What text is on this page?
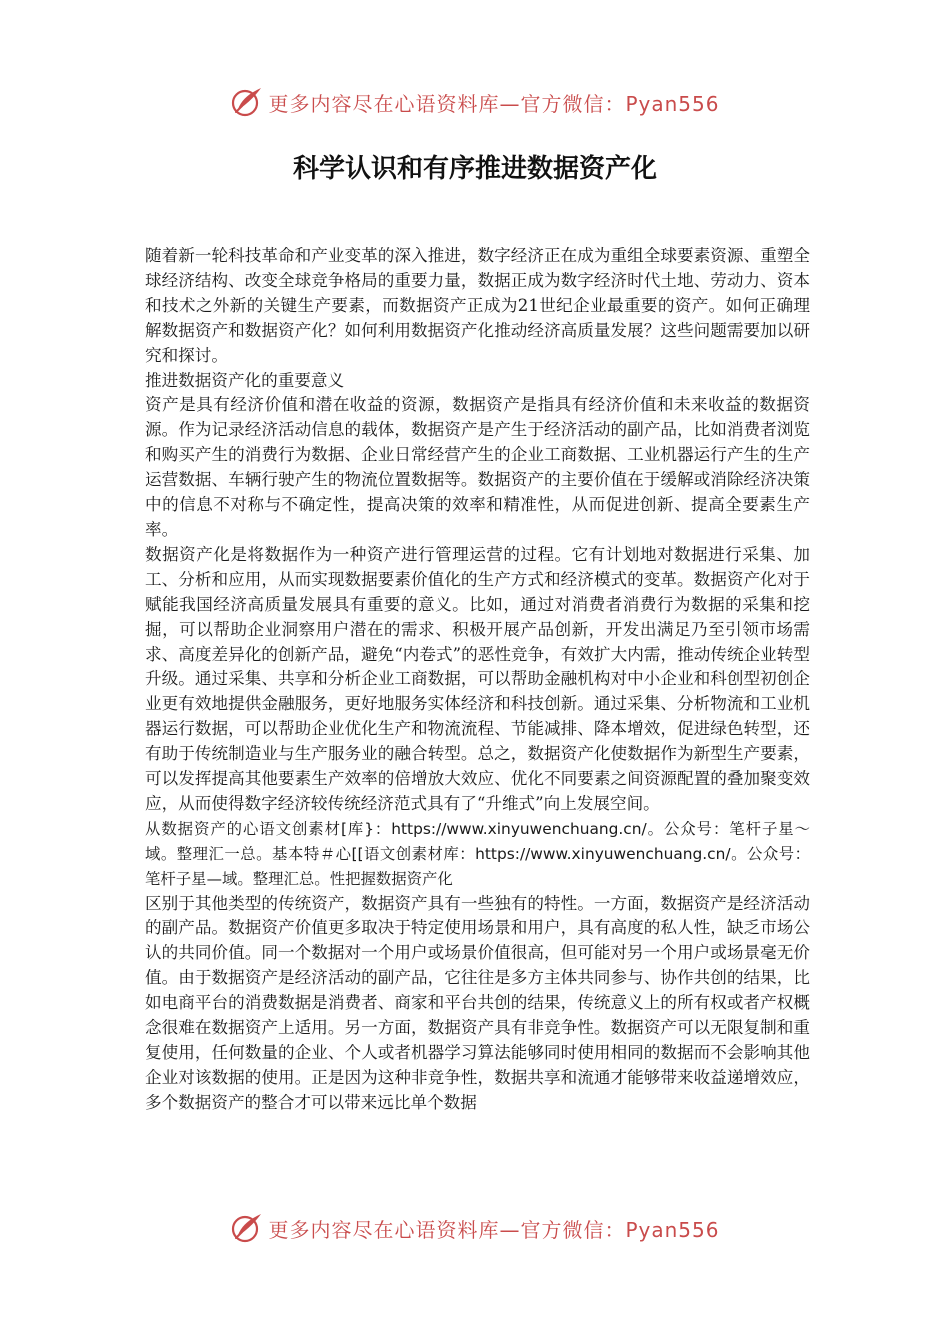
更多内容尽在心语资料库—官方微信：Pyan556
科学认识和有序推进数据资产化

随着新一轮科技革命和产业变革的深入推进，数字经济正在成为重组全球要素资源、重塑全球经济结构、改变全球竞争格局的重要力量，数据正成为数字经济时代土地、劳动力、资本和技术之外新的关键生产要素，而数据资产正成为21世纪企业最重要的资产。如何正确理解数据资产和数据资产化？如何利用数据资产化推动经济高质量发展？这些问题需要加以研究和探讨。

推进数据资产化的重要意义

资产是具有经济价值和潜在收益的资源，数据资产是指具有经济价值和未来收益的数据资源。作为记录经济活动信息的载体，数据资产是产生于经济活动的副产品，比如消费者浏览和购买产生的消费行为数据、企业日常经营产生的企业工商数据、工业机器运行产生的生产运营数据、车辆行驶产生的物流位置数据等。数据资产的主要价值在于缓解或消除经济决策中的信息不对称与不确定性，提高决策的效率和精准性，从而促进创新、提高全要素生产率。

数据资产化是将数据作为一种资产进行管理运营的过程。它有计划地对数据进行采集、加工、分析和应用，从而实现数据要素价值化的生产方式和经济模式的变革。数据资产化对于赋能我国经济高质量发展具有重要的意义。比如，通过对消费者消费行为数据的采集和挖掘，可以帮助企业洞察用户潜在的需求、积极开展产品创新，开发出满足乃至引领市场需求、高度差异化的创新产品，避免“内卷式”的恶性竞争，有效扩大内需，推动传统企业转型升级。通过采集、共享和分析企业工商数据，可以帮助金融机构对中小企业和科创型初创企业更有效地提供金融服务，更好地服务实体经济和科技创新。通过采集、分析物流和工业机器运行数据，可以帮助企业优化生产和物流流程、节能减排、降本增效，促进绿色转型，还有助于传统制造业与生产服务业的融合转型。总之，数据资产化使数据作为新型生产要素，可以发挥提高其他要素生产效率的倍增放大效应、优化不同要素之间资源配置的叠加聚变效应，从而使得数字经济较传统经济范式具有了“升维式”向上发展空间。

从数据资产的心语文创素材[库}：https://www.xinyuwenchuang.cn/。公众号：笔杆子星～域。整理汇一总。基本特＃心[[语文创素材库：https://www.xinyuwenchuang.cn/。公众号：笔杆子星—域。整理汇总。性把握数据资产化

区别于其他类型的传统资产，数据资产具有一些独有的特性。一方面，数据资产是经济活动的副产品。数据资产价值更多取决于特定使用场景和用户，具有高度的私人性，缺乏市场公认的共同价值。同一个数据对一个用户或场景价值很高，但可能对另一个用户或场景毫无价值。由于数据资产是经济活动的副产品，它往往是多方主体共同参与、协作共创的结果，比如电商平台的消费数据是消费者、商家和平台共创的结果，传统意义上的所有权或者产权概念很难在数据资产上适用。另一方面，数据资产具有非竞争性。数据资产可以无限复制和重复使用，任何数量的企业、个人或者机器学习算法能够同时使用相同的数据而不会影响其他企业对该数据的使用。正是因为这种非竞争性，数据共享和流通才能够带来收益递增效应，多个数据资产的整合才可以带来远比单个数据

更多内容尽在心语资料库—官方微信：Pyan556
